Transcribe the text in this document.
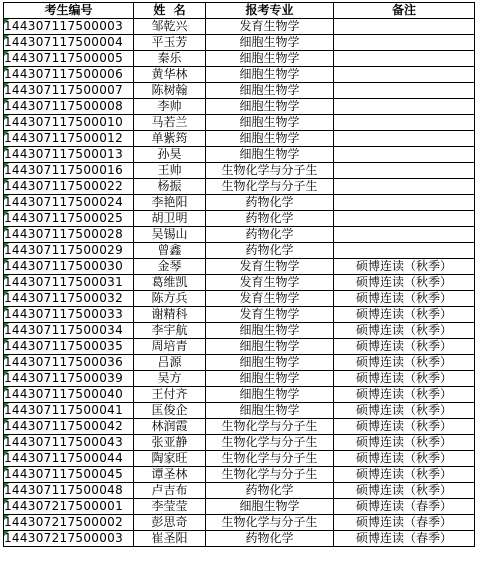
考生编号	姓  名	报考专业	备注

144307117500003	邹乾兴	发育生物学	

144307117500004	平玉芳	细胞生物学	

144307117500005	秦乐	细胞生物学	

144307117500006	黄华林	细胞生物学	

144307117500007	陈树翰	细胞生物学	

144307117500008	李帅	细胞生物学	

144307117500010	马若兰	细胞生物学	

144307117500012	单紫筠	细胞生物学	

144307117500013	孙昊	细胞生物学	

144307117500016	王帅	生物化学与分子生	

144307117500022	杨振	生物化学与分子生	

144307117500024	李艳阳	药物化学	

144307117500025	胡卫明	药物化学	

144307117500028	吴锡山	药物化学	

144307117500029	曾鑫	药物化学	

144307117500030	金琴	发育生物学	硕博连读（秋季）

144307117500031	葛维凯	发育生物学	硕博连读（秋季）

144307117500032	陈方兵	发育生物学	硕博连读（秋季）

144307117500033	谢精科	发育生物学	硕博连读（秋季）

144307117500034	李宇航	细胞生物学	硕博连读（秋季）

144307117500035	周培青	细胞生物学	硕博连读（秋季）

144307117500036	吕源	细胞生物学	硕博连读（秋季）

144307117500039	吴方	细胞生物学	硕博连读（秋季）

144307117500040	王付齐	细胞生物学	硕博连读（秋季）

144307117500041	匡俊企	细胞生物学	硕博连读（秋季）

144307117500042	林润霞	生物化学与分子生	硕博连读（秋季）

144307117500043	张亚静	生物化学与分子生	硕博连读（秋季）

144307117500044	陶家旺	生物化学与分子生	硕博连读（秋季）

144307117500045	谭圣林	生物化学与分子生	硕博连读（秋季）

144307117500048	卢吉布	药物化学	硕博连读（秋季）

144307217500001	李莹莹	细胞生物学	硕博连读（春季）

144307217500002	彭思奇	生物化学与分子生	硕博连读（春季）

144307217500003	崔圣阳	药物化学	硕博连读（春季）
